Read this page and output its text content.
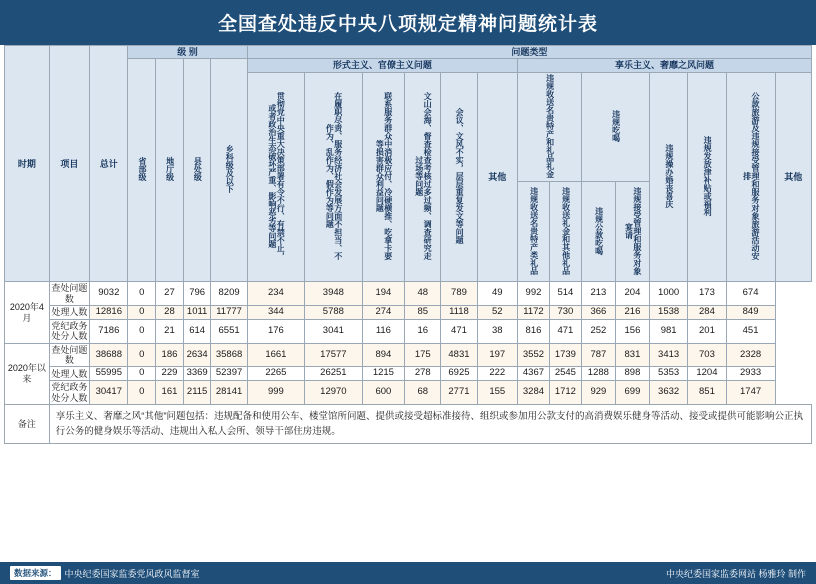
全国查处违反中央八项规定精神问题统计表
时期	项目	总计	级 别				问题类型													
			省部级	地厅级	县处级	乡科级及以下	形式主义、官僚主义问题						享乐主义、奢靡之风问题							
							贯彻党中央重大决策部署有令不行、有禁不止，或者政治生态破坏严重、影响恶劣等问题	在履职尽责、服务经济社会发展方面不担当、不作为、乱作为、假作为等问题	联系服务群众中消极应付、冷硬横推、吃拿卡要等损害群众利益问题	文山会海、督查检查考核过多过频、调查研究走过场等问题	会议、文风不实，层层重复发文等问题	其他	违规收送名贵特产和礼品礼金		违规吃喝		违规操办婚丧喜庆	违规发放津补贴或福利	公款旅游及违规接受管理和服务对象旅游活动安排	其他
													违规收送名贵特产类礼品	违规收送礼金和其他礼品	违规公款吃喝	违规接受管理和服务对象宴请				
2020年4月	查处问题数	9032	0	27	796	8209	234	3948	194	48	789	49	992	514	213	204	1000	173	674	
	处理人数	12816	0	28	1011	11777	344	5788	274	85	1118	52	1172	730	366	216	1538	284	849	
	党纪政务处分人数	7186	0	21	614	6551	176	3041	116	16	471	38	816	471	252	156	981	201	451	
2020年以来	查处问题数	38688	0	186	2634	35868	1661	17577	894	175	4831	197	3552	1739	787	831	3413	703	2328	
	处理人数	55995	0	229	3369	52397	2265	26251	1215	278	6925	222	4367	2545	1288	898	5353	1204	2933	
	党纪政务处分人数	30417	0	161	2115	28141	999	12970	600	68	2771	155	3284	1712	929	699	3632	851	1747	
备注	享乐主义、奢靡之风“其他”问题包括：违规配备和使用公车、楼堂馆所问题、提供或接受超标准接待、组织或参加用公款支付的高消费娱乐健身等活动、接受或提供可能影响公正执行公务的健身娱乐等活动、违规出入私人会所、领导干部住房违规。																			
数据来源： 中央纪委国家监委党风政风监督室	中央纪委国家监委网站 杨雅玲 制作
